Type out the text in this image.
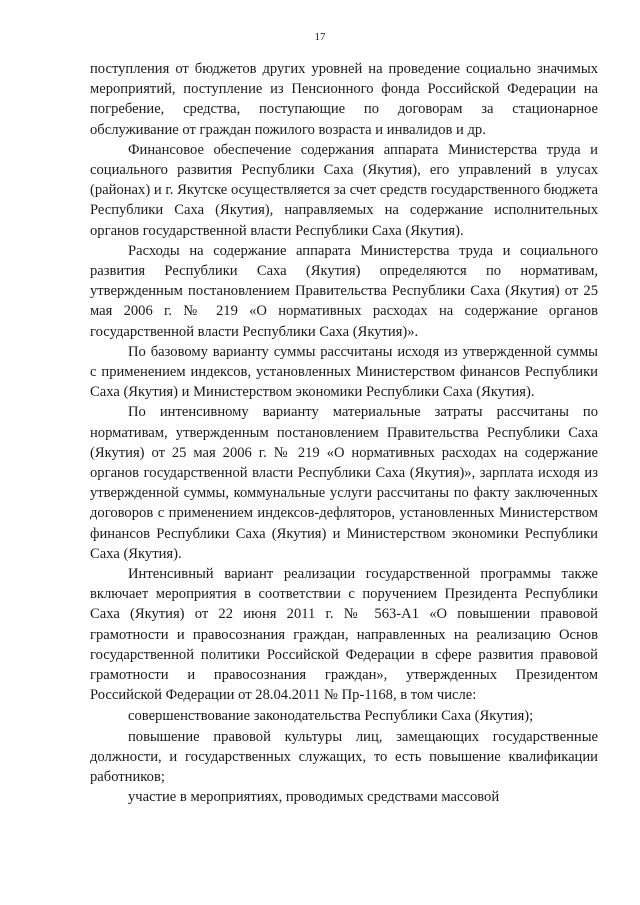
17

поступления от бюджетов других уровней на проведение социально значимых мероприятий, поступление из Пенсионного фонда Российской Федерации на погребение, средства, поступающие по договорам за стационарное обслуживание от граждан пожилого возраста и инвалидов и др.

Финансовое обеспечение содержания аппарата Министерства труда и социального развития Республики Саха (Якутия), его управлений в улусах (районах) и г. Якутске осуществляется за счет средств государственного бюджета Республики Саха (Якутия), направляемых на содержание исполнительных органов государственной власти Республики Саха (Якутия).

Расходы на содержание аппарата Министерства труда и социального развития Республики Саха (Якутия) определяются по нормативам, утвержденным постановлением Правительства Республики Саха (Якутия) от 25 мая 2006 г. № 219 «О нормативных расходах на содержание органов государственной власти Республики Саха (Якутия)».

По базовому варианту суммы рассчитаны исходя из утвержденной суммы с применением индексов, установленных Министерством финансов Республики Саха (Якутия) и Министерством экономики Республики Саха (Якутия).

По интенсивному варианту материальные затраты рассчитаны по нормативам, утвержденным постановлением Правительства Республики Саха (Якутия) от 25 мая 2006 г. № 219 «О нормативных расходах на содержание органов государственной власти Республики Саха (Якутия)», зарплата исходя из утвержденной суммы, коммунальные услуги рассчитаны по факту заключенных договоров с применением индексов-дефляторов, установленных Министерством финансов Республики Саха (Якутия) и Министерством экономики Республики Саха (Якутия).

Интенсивный вариант реализации государственной программы также включает мероприятия в соответствии с поручением Президента Республики Саха (Якутия) от 22 июня 2011 г. № 563-А1 «О повышении правовой грамотности и правосознания граждан, направленных на реализацию Основ государственной политики Российской Федерации в сфере развития правовой грамотности и правосознания граждан», утвержденных Президентом Российской Федерации от 28.04.2011 № Пр-1168, в том числе:

совершенствование законодательства Республики Саха (Якутия);

повышение правовой культуры лиц, замещающих государственные должности, и государственных служащих, то есть повышение квалификации работников;

участие в мероприятиях, проводимых средствами массовой
